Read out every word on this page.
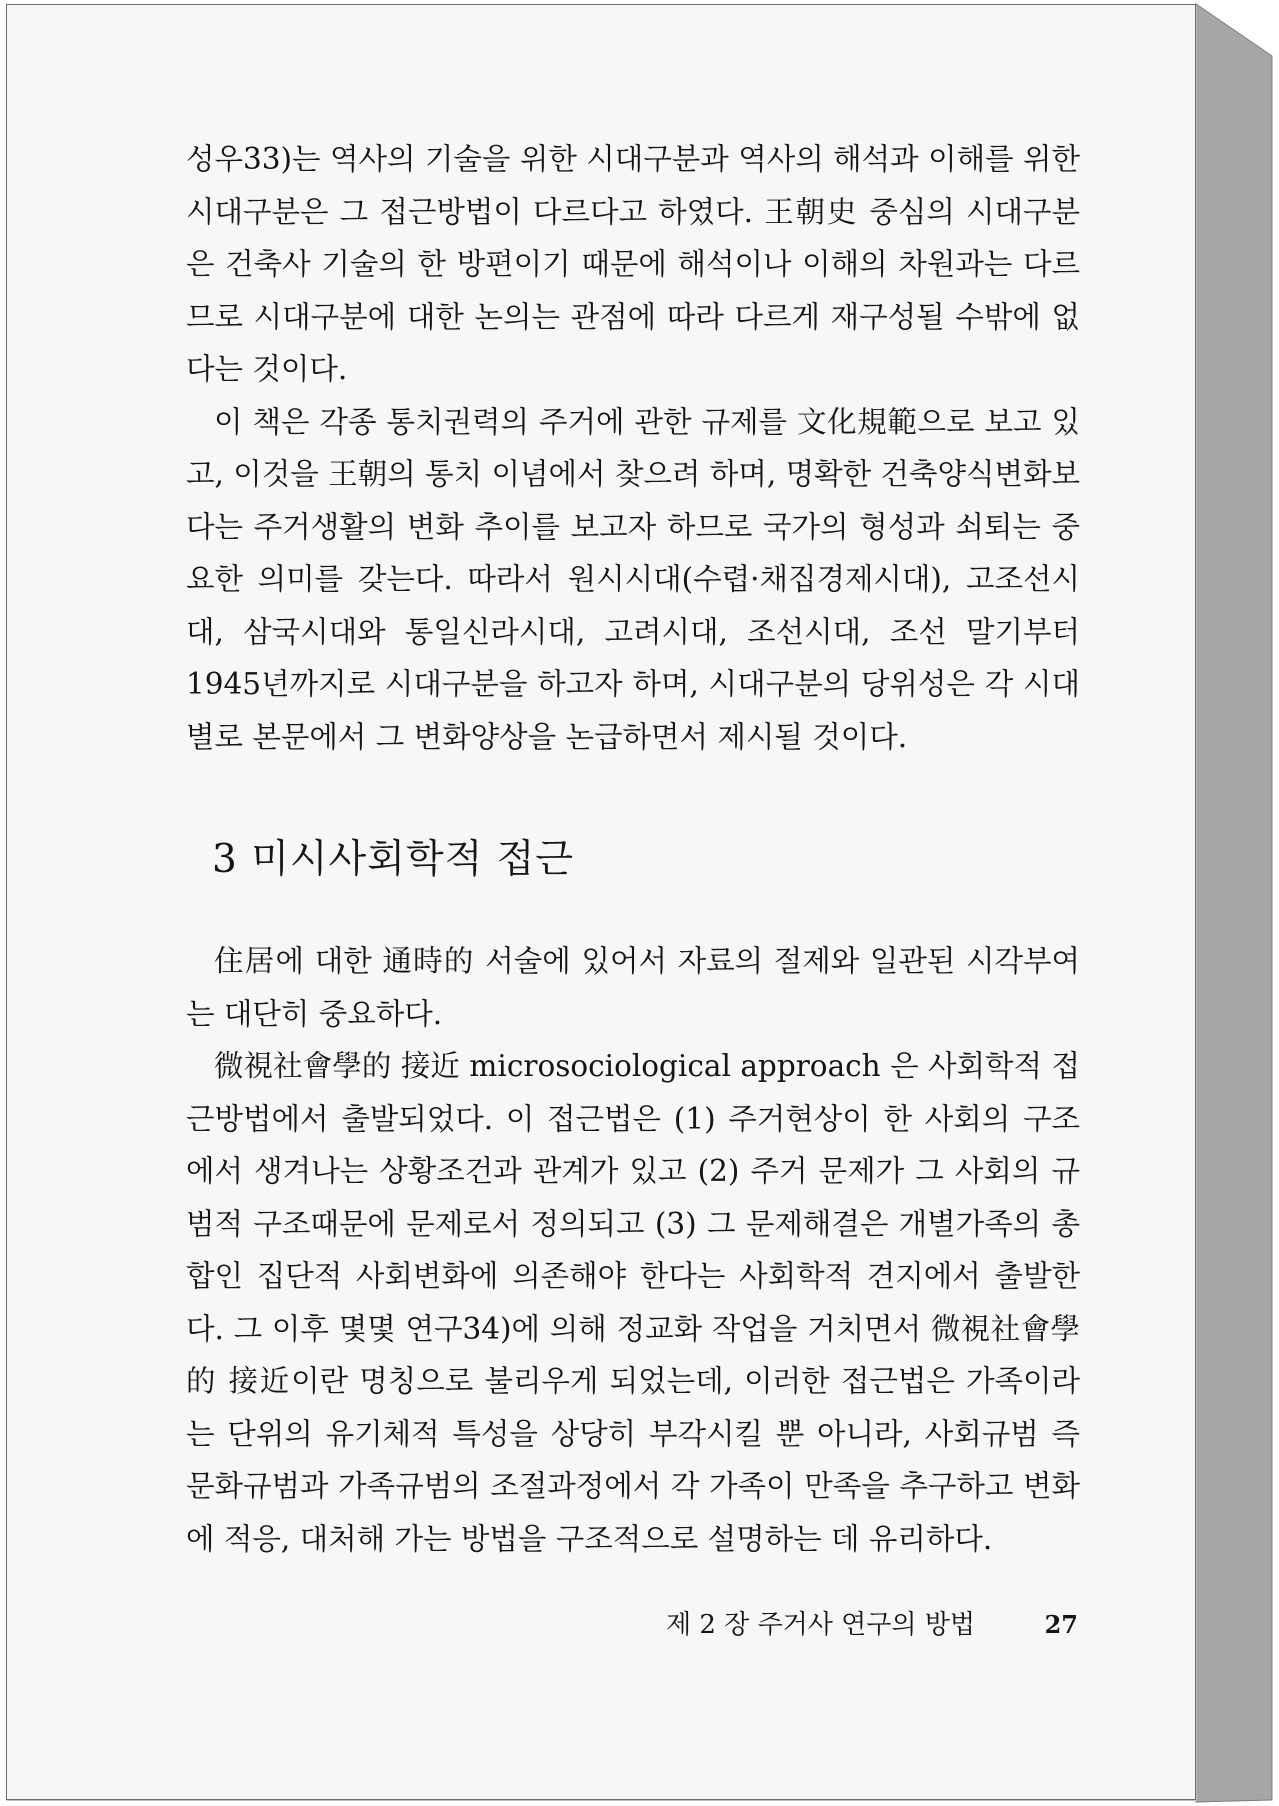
성우33)는 역사의 기술을 위한 시대구분과 역사의 해석과 이해를 위한 시대구분은 그 접근방법이 다르다고 하였다. 王朝史 중심의 시대구분은 건축사 기술의 한 방편이기 때문에 해석이나 이해의 차원과는 다르므로 시대구분에 대한 논의는 관점에 따라 다르게 재구성될 수밖에 없다는 것이다.

이 책은 각종 통치권력의 주거에 관한 규제를 文化規範으로 보고 있고, 이것을 王朝의 통치 이념에서 찾으려 하며, 명확한 건축양식변화보다는 주거생활의 변화 추이를 보고자 하므로 국가의 형성과 쇠퇴는 중요한 의미를 갖는다. 따라서 원시시대(수렵·채집경제시대), 고조선시대, 삼국시대와 통일신라시대, 고려시대, 조선시대, 조선 말기부터 1945년까지로 시대구분을 하고자 하며, 시대구분의 당위성은 각 시대별로 본문에서 그 변화양상을 논급하면서 제시될 것이다.

3 미시사회학적 접근

住居에 대한 通時的 서술에 있어서 자료의 절제와 일관된 시각부여는 대단히 중요하다.

微視社會學的 接近 microsociological approach 은 사회학적 접근방법에서 출발되었다. 이 접근법은 (1) 주거현상이 한 사회의 구조에서 생겨나는 상황조건과 관계가 있고 (2) 주거 문제가 그 사회의 규범적 구조때문에 문제로서 정의되고 (3) 그 문제해결은 개별가족의 총합인 집단적 사회변화에 의존해야 한다는 사회학적 견지에서 출발한다. 그 이후 몇몇 연구34)에 의해 정교화 작업을 거치면서 微視社會學的 接近이란 명칭으로 불리우게 되었는데, 이러한 접근법은 가족이라는 단위의 유기체적 특성을 상당히 부각시킬 뿐 아니라, 사회규범 즉 문화규범과 가족규범의 조절과정에서 각 가족이 만족을 추구하고 변화에 적응, 대처해 가는 방법을 구조적으로 설명하는 데 유리하다.

제 2 장 주거사 연구의 방법	27
